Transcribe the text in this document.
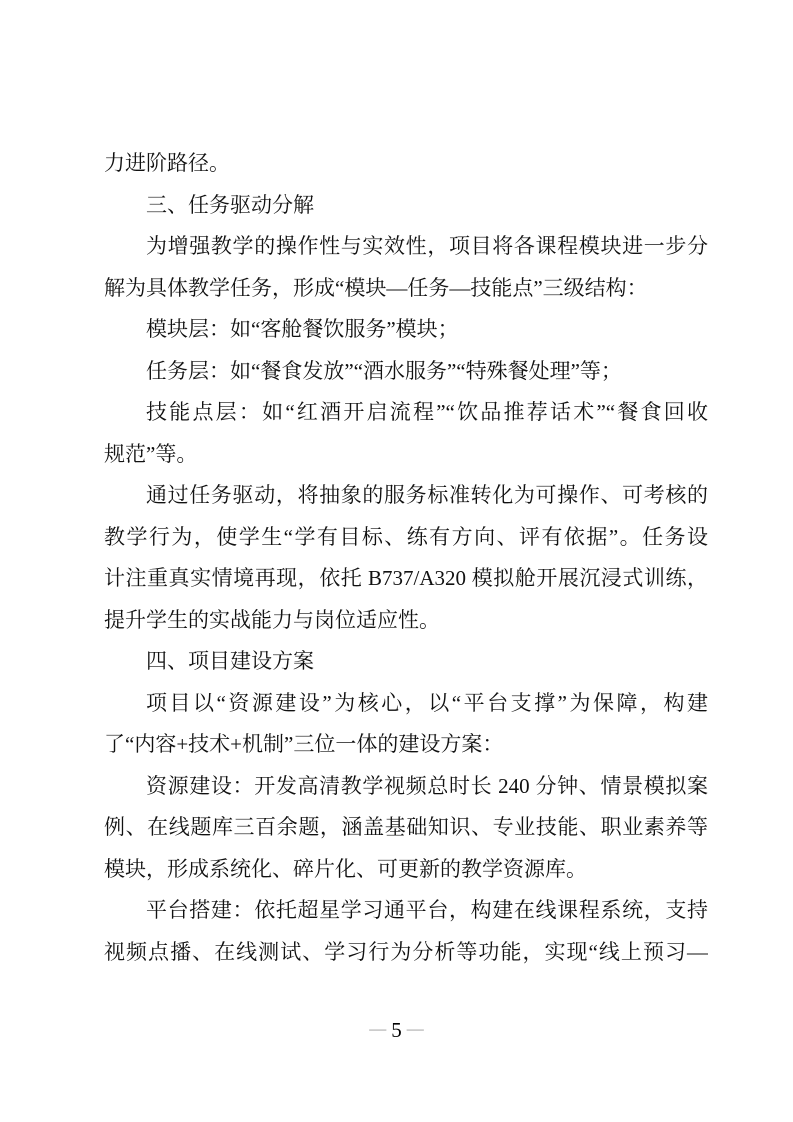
力进阶路径。
三、任务驱动分解
为增强教学的操作性与实效性，项目将各课程模块进一步分
解为具体教学任务，形成“模块—任务—技能点”三级结构：
模块层：如“客舱餐饮服务”模块；
任务层：如“餐食发放”“酒水服务”“特殊餐处理”等；
技能点层：如“红酒开启流程”“饮品推荐话术”“餐食回收
规范”等。
通过任务驱动，将抽象的服务标准转化为可操作、可考核的
教学行为，使学生“学有目标、练有方向、评有依据”。任务设
计注重真实情境再现，依托 B737/A320 模拟舱开展沉浸式训练，
提升学生的实战能力与岗位适应性。
四、项目建设方案
项目以“资源建设”为核心，以“平台支撑”为保障，构建
了“内容+技术+机制”三位一体的建设方案：
资源建设：开发高清教学视频总时长 240 分钟、情景模拟案
例、在线题库三百余题，涵盖基础知识、专业技能、职业素养等
模块，形成系统化、碎片化、可更新的教学资源库。
平台搭建：依托超星学习通平台，构建在线课程系统，支持
视频点播、在线测试、学习行为分析等功能，实现“线上预习—
— 5 —
